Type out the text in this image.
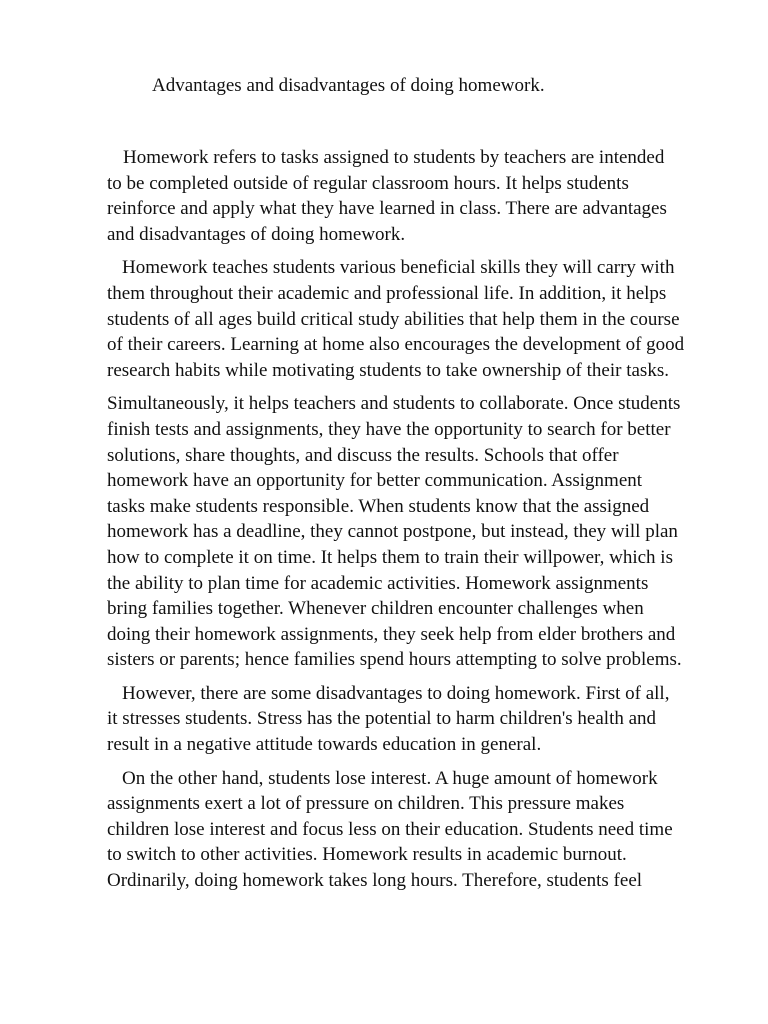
Advantages and disadvantages of doing homework.

Homework refers to tasks assigned to students by teachers are intended
to be completed outside of regular classroom hours. It helps students
reinforce and apply what they have learned in class. There are advantages
and disadvantages of doing homework.

Homework teaches students various beneficial skills they will carry with
them throughout their academic and professional life. In addition, it helps
students of all ages build critical study abilities that help them in the course
of their careers. Learning at home also encourages the development of good
research habits while motivating students to take ownership of their tasks.

Simultaneously, it helps teachers and students to collaborate. Once students
finish tests and assignments, they have the opportunity to search for better
solutions, share thoughts, and discuss the results. Schools that offer
homework have an opportunity for better communication. Assignment
tasks make students responsible. When students know that the assigned
homework has a deadline, they cannot postpone, but instead, they will plan
how to complete it on time. It helps them to train their willpower, which is
the ability to plan time for academic activities. Homework assignments
bring families together. Whenever children encounter challenges when
doing their homework assignments, they seek help from elder brothers and
sisters or parents; hence families spend hours attempting to solve problems.

However, there are some disadvantages to doing homework. First of all,
it stresses students. Stress has the potential to harm children's health and
result in a negative attitude towards education in general.

On the other hand, students lose interest. A huge amount of homework
assignments exert a lot of pressure on children. This pressure makes
children lose interest and focus less on their education. Students need time
to switch to other activities. Homework results in academic burnout.
Ordinarily, doing homework takes long hours. Therefore, students feel
